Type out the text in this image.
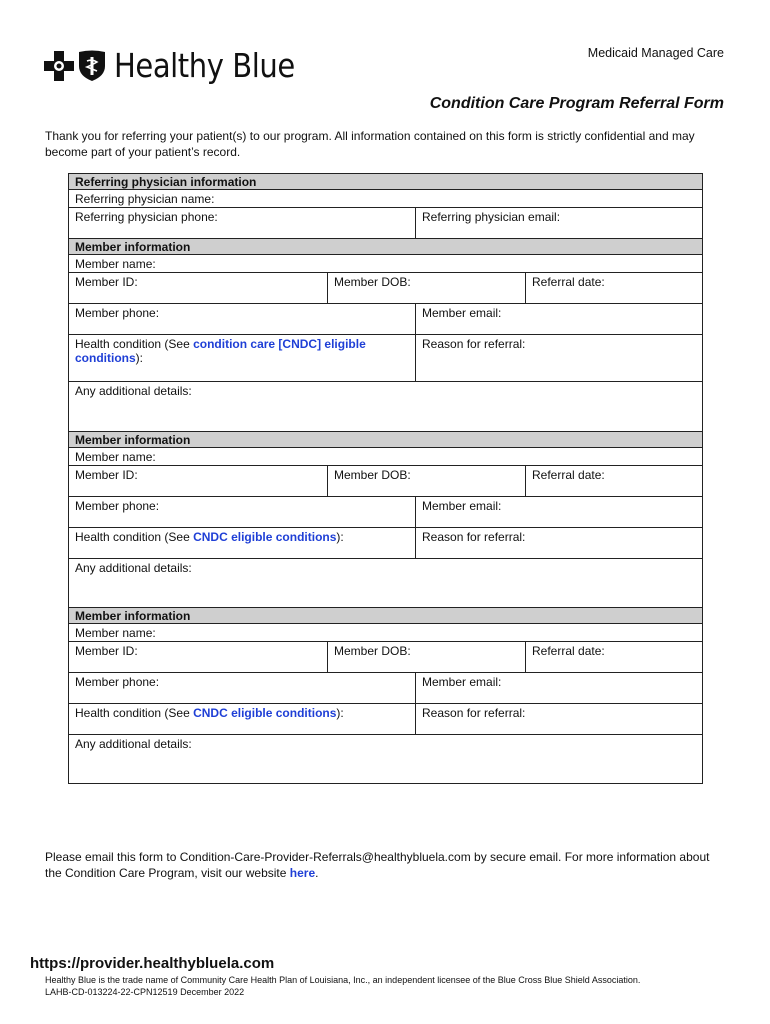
Healthy Blue	Medicaid Managed Care
Condition Care Program Referral Form
Thank you for referring your patient(s) to our program. All information contained on this form is strictly confidential and may become part of your patient’s record.
Referring physician information			
Referring physician name:			
Referring physician phone:		Referring physician email:	
Member information			
Member name:			
Member ID:	Member DOB:		Referral date:
Member phone:		Member email:	
Health condition (See condition care [CNDC] eligible conditions):		Reason for referral:	
Any additional details:			
Member information			
Member name:			
Member ID:	Member DOB:		Referral date:
Member phone:		Member email:	
Health condition (See CNDC eligible conditions):		Reason for referral:	
Any additional details:			
Member information			
Member name:			
Member ID:	Member DOB:		Referral date:
Member phone:		Member email:	
Health condition (See CNDC eligible conditions):		Reason for referral:	
Any additional details:			
Please email this form to Condition-Care-Provider-Referrals@healthybluela.com by secure email. For more information about the Condition Care Program, visit our website here.
https://provider.healthybluela.com
Healthy Blue is the trade name of Community Care Health Plan of Louisiana, Inc., an independent licensee of the Blue Cross Blue Shield Association.
LAHB-CD-013224-22-CPN12519 December 2022
